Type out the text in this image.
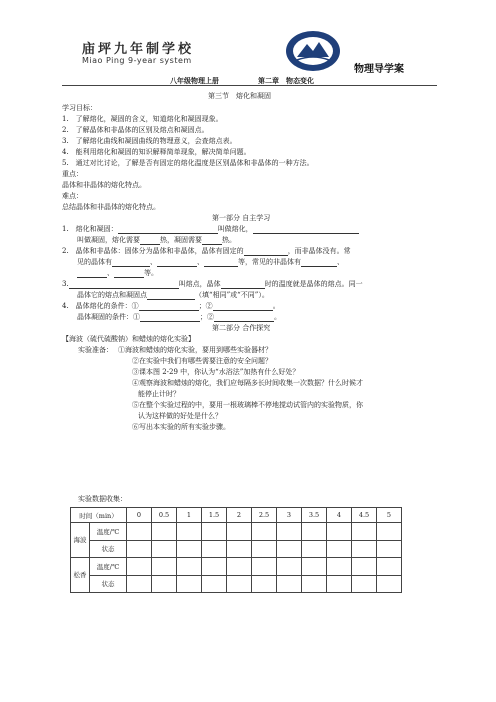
庙坪九年制学校
Miao Ping 9-year system
物理导学案
八年级物理上册	第二章　物态变化
第三节　熔化和凝固
学习目标：
1.　了解熔化，凝固的含义，知道熔化和凝固现象。
2.　了解晶体和非晶体的区别及熔点和凝固点。
3.　了解熔化曲线和凝固曲线的物理意义，会查熔点表。
4.　能利用熔化和凝固的知识解释简单现象，解决简单问题。
5.　通过对比讨论，了解是否有固定的熔化温度是区别晶体和非晶体的一种方法。
重点：
晶体和非晶体的熔化特点。
难点：
总结晶体和非晶体的熔化特点。
第一部分 自主学习
1.　熔化和凝固：	叫做熔化，
叫做凝固，熔化需要	热，凝固需要	热。
2.　晶体和非晶体：固体分为晶体和非晶体，晶体有固定的	，而非晶体没有。常
见的晶体有	、	、	等，常见的非晶体有	、
、	等。
3.	叫熔点，晶体	时的温度就是晶体的熔点。同一
晶体它的熔点和凝固点	（填“相同”或“不同”）。
4.　晶体熔化的条件：①	；②	。
晶体凝固的条件：①	；②	。
第二部分 合作探究
【海波（硫代硫酸钠）和蜡烛的熔化实验】
实验准备： ①海波和蜡烛的熔化实验，要用到哪些实验器材？
②在实验中我们有哪些需要注意的安全问题？
③课本图 2-29 中，你认为“水浴法”加热有什么好处？
④观察海波和蜡烛的熔化，我们应每隔多长时间收集一次数据？什么时候才
能停止计时？
⑤在整个实验过程的中，要用一根玻璃棒不停地搅动试管内的实验物质，你
认为这样做的好处是什么？
⑥写出本实验的所有实验步骤。
实验数据收集：
时间（min）		0	0.5	1	1.5	2	2.5	3	3.5	4	4.5	5
海波	温度/℃											
	状态											
松香	温度/℃											
	状态											
